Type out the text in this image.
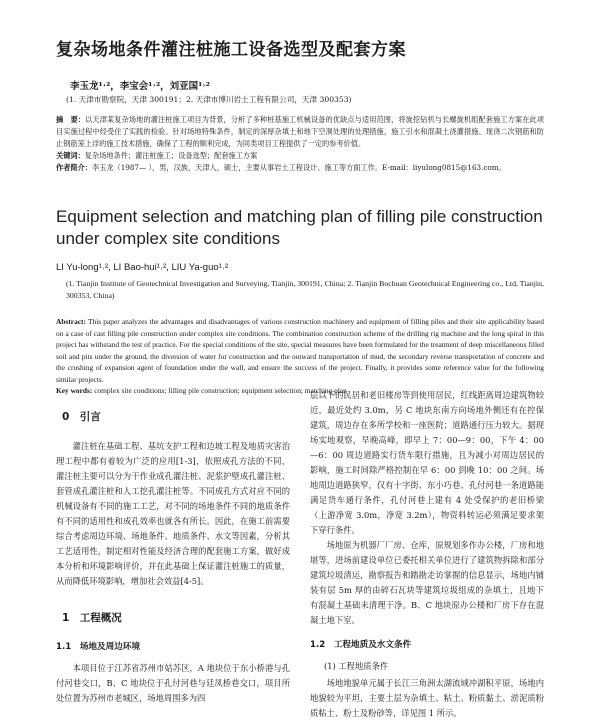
复杂场地条件灌注桩施工设备选型及配套方案
李玉龙¹˒²，李宝会¹˒²，刘亚国¹˒²
(1. 天津市勘察院，天津 300191；2. 天津市博川岩土工程有限公司，天津 300353)
摘　要：以天津某复杂场地的灌注桩施工项目为背景，分析了多种桩基施工机械设备的优缺点与适用范围，将旋挖钻机与长螺旋机组配套施工方案在此项目实施过程中经受住了实践的检验。针对场地特殊条件，制定的深厚杂填土和地下空洞处理的处理措施，施工引水和混凝土浇灌措施、现浇二次钢筋和防止钢筋笼上浮的施工技术措施，确保了工程的顺利完成，为同类项目工程提供了一定的参考价值。
关键词：复杂场地条件；灌注桩施工；设备选型；配套施工方案
作者简介：李玉龙（1987— ），男，汉族，天津人，硕士，主要从事岩土工程设计、施工等方面工作。E-mail：liyulong0815@163.com。
Equipment selection and matching plan of filling pile construction under complex site conditions
LI Yu-long¹˒², LI Bao-hui¹˒², LIU Ya-guo¹˒²
(1. Tianjin Institute of Geotechnical Investigation and Surveying, Tianjin, 300191, China; 2. Tianjin Bochuan Geotechnical Engineering co., Ltd, Tianjin, 300353, China)
Abstract: This paper analyzes the advantages and disadvantages of various construction machinery and equipment of filling piles and their site applicability based on a case of cast filling pile construction under complex site conditions. The combination construction scheme of the drilling rig machine and the long spiral in this project has withstand the test of practice. For the special conditions of the site, special measures have been formulated for the treatment of deep miscellaneous filled soil and pits under the ground, the diversion of water for construction and the outward transportation of mud, the secondary reverse transportation of concrete and the crushing of expansion agent of foundation under the wall, and ensure the success of the project. Finally, it provides some reference value for the following similar projects.
Key words: complex site conditions; filling pile construction; equipment selection; matching plan
0　引言

灌注桩在基础工程、基坑支护工程和边坡工程及地质灾害治理工程中都有着较为广泛的应用[1-3]，依照成孔方法的不同，灌注桩主要可以分为干作业成孔灌注桩、泥浆护壁成孔灌注桩、套管成孔灌注桩和人工挖孔灌注桩等。不同成孔方式对应不同的机械设备有不同的施工工艺，对不同的场地条件不同的地质条件有不同的适用性和成孔效率也就各有所长。因此，在施工前需要综合考虑周边环境、场地条件、地质条件、水文等因素，分析其工艺适用性，制定相对性能及经济合理的配套施工方案，做好成本分析和环境影响评价，并在此基础上保证灌注桩施工的质量，从而降低环境影响，增加社会效益[4-5]。

1　工程概况
1.1　场地及周边环境

本项目位于江苏省苏州市姑苏区，A 地块位于东小桥港与孔付河巷交口，B、C 地块位于孔付河巷与廷凤桥巷交口，项目所处位置为苏州市老城区，场地周围多为四

层以下的民居和老旧楼房等到使用居民，红线距离周边建筑物较近，最近处约 3.0m，另 C 地块东南方向场地外侧还有在控保建筑，周边存在多所学校和一座医院；道路通行压力较大。据现场实地观察，早晚高峰，即早上 7：00—9：00，下午 4：00—6：00 周边道路实行货车限行措施，且为减小对周边居民的影响，施工时间除严格控制在早 6：00 到晚 10：00 之间。场地周边道路狭窄，仅有十字街、东小巧巷、孔付河巷一条道路能满足货车通行条件，孔付河巷上建有 4 处受保护的老旧桥梁（上游净宽 3.0m，净宽 3.2m），物资料转运必须满足要求架下穿行条件。

场地原为机器厂厂房、仓库，原规划多作办公楼，厂房和地堪等，进场前建设单位已委托相关单位进行了建筑物拆除和部分建筑垃圾清运，勘察报告和踏勘走访掌握的信息显示，场地内铺装有层 5m 厚的由碎石瓦块等建筑垃圾组成的杂填土，且地下有混凝土基础未清理干净。B、C 地块原办公楼和厂房下存在混凝土地下室。

1.2　工程地质及水文条件
(1) 工程地质条件

场地地貌单元属于长江三角洲太湖流域冲湖积平原，场地内地貌较为平坦，主要土层为杂填土、粘土、粉质黏土、淤泥质粉质粘土、粉土及粉砂等，详见图 1 所示。
